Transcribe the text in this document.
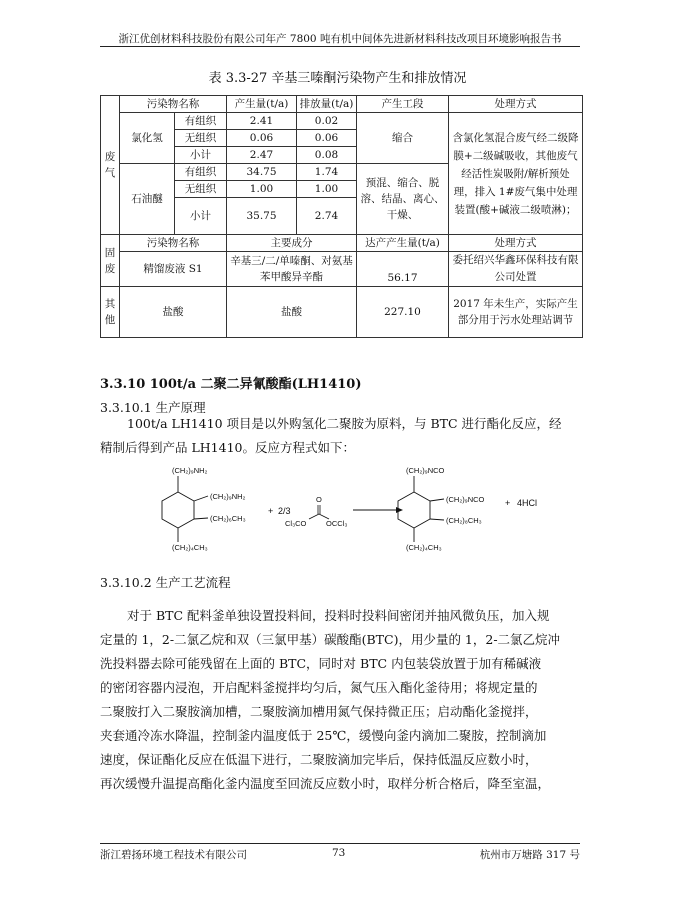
浙江优创材料科技股份有限公司年产 7800 吨有机中间体先进新材料科技改项目环境影响报告书
表 3.3-27 辛基三嗪酮污染物产生和排放情况
废气	污染物名称		产生量(t/a)	排放量(t/a)	产生工段	处理方式
	氯化氢	有组织	2.41	0.02	缩合	含氯化氢混合废气经二级降膜+二级碱吸收，其他废气经活性炭吸附/解析预处理，排入 1#废气集中处理装置(酸+碱液二级喷淋)；
		无组织	0.06	0.06		
		小计	2.47	0.08		
	石油醚	有组织	34.75	1.74	预混、缩合、脱溶、结晶、离心、干燥、	
		无组织	1.00	1.00		
		小计	35.75	2.74		
固废	污染物名称		主要成分		达产产生量(t/a)	处理方式
	精馏废液 S1		辛基三/二/单嗪酮、对氨基苯甲酸异辛酯		56.17	委托绍兴华鑫环保科技有限公司处置
其他	盐酸		盐酸		227.10	2017 年未生产，实际产生部分用于污水处理站调节
3.3.10 100t/a 二聚二异氰酸酯(LH1410)
3.3.10.1 生产原理
100t/a LH1410 项目是以外购氢化二聚胺为原料，与 BTC 进行酯化反应，经
精制后得到产品 LH1410。反应方程式如下：
(CH₂)₉NH₂
(CH₂)₉NH₂
(CH₂)₆CH₃
(CH₂)₄CH₃
+ 2/3
O
Cl₃CO	OCCl₃
(CH₂)₉NCO
(CH₂)₉NCO
(CH₂)₈CH₃
(CH₂)₄CH₃
+ 4HCl
3.3.10.2 生产工艺流程
对于 BTC 配料釜单独设置投料间，投料时投料间密闭并抽风微负压，加入规
定量的 1，2-二氯乙烷和双（三氯甲基）碳酸酯(BTC)，用少量的 1，2-二氯乙烷冲
洗投料器去除可能残留在上面的 BTC，同时对 BTC 内包装袋放置于加有稀碱液
的密闭容器内浸泡，开启配料釜搅拌均匀后，氮气压入酯化釜待用；将规定量的
二聚胺打入二聚胺滴加槽，二聚胺滴加槽用氮气保持微正压；启动酯化釜搅拌，
夹套通冷冻水降温，控制釜内温度低于 25℃，缓慢向釜内滴加二聚胺，控制滴加
速度，保证酯化反应在低温下进行，二聚胺滴加完毕后，保持低温反应数小时，
再次缓慢升温提高酯化釜内温度至回流反应数小时，取样分析合格后，降至室温，
浙江碧扬环境工程技术有限公司	73	杭州市万塘路 317 号
